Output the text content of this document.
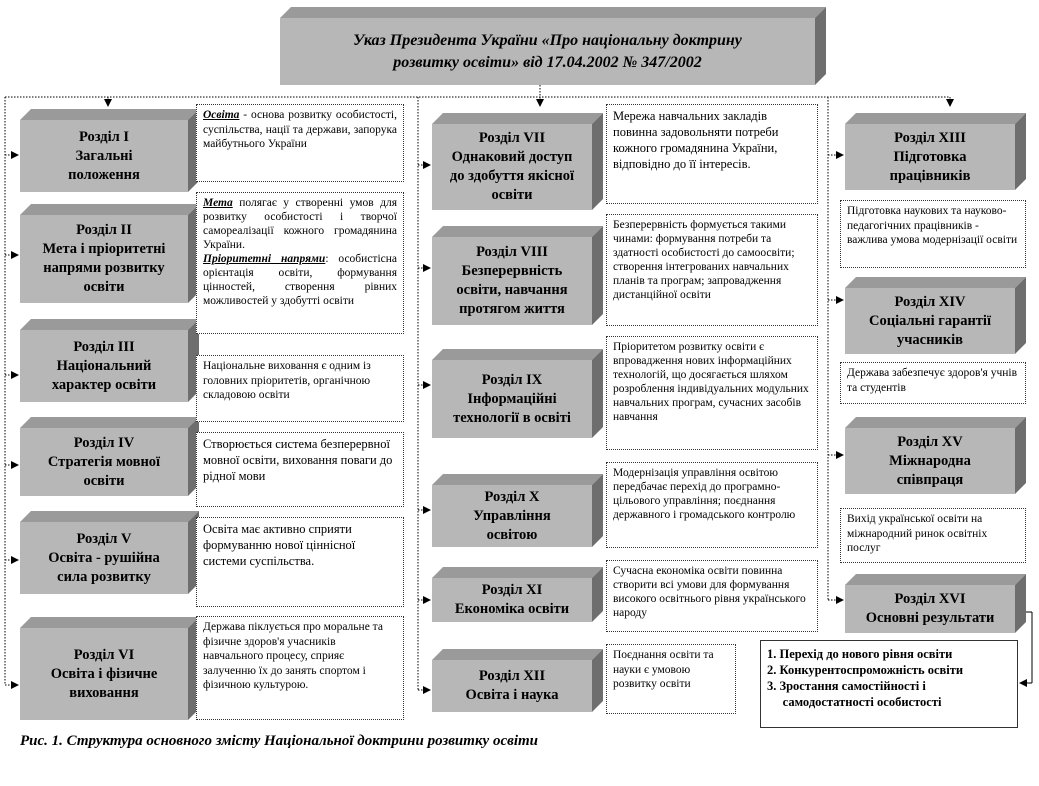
Указ Президента України «Про національну доктрину
розвитку освіти» від 17.04.2002 № 347/2002
Розділ І
Загальні
положення
Розділ ІІ
Мета і пріоритетні
напрями розвитку
освіти
Розділ ІІІ
Національний
характер освіти
Розділ ІV
Стратегія мовної
освіти
Розділ V
Освіта - рушійна
сила розвитку
Розділ VІ
Освіта і фізичне
виховання
Освіта - основа розвитку особистості, суспільства, нації та держави, запорука майбутнього України
Мета полягає у створенні умов для розвитку особистості і творчої самореалізації кожного громадянина України.
Пріоритетні напрями: особистісна орієнтація освіти, формування цінностей, створення рівних можливостей у здобутті освіти
Національне виховання є одним із головних пріоритетів, органічною складовою освіти
Створюється система безперервної мовної освіти, виховання поваги до рідної мови
Освіта має активно сприяти формуванню нової ціннісної системи суспільства.
Держава піклується про моральне та фізичне здоров'я учасників навчального процесу, сприяє залученню їх до занять спортом і фізичною культурою.
Розділ VІІ
Однаковий доступ
до здобуття якісної
освіти
Розділ VІІІ
Безперервність
освіти, навчання
протягом життя
Розділ ІХ
Інформаційні
технології в освіті
Розділ Х
Управління
освітою
Розділ ХІ
Економіка освіти
Розділ ХІІ
Освіта і наука
Мережа навчальних закладів повинна задовольняти потреби кожного громадянина України, відповідно до її інтересів.
Безперервність формується такими чинами: формування потреби та здатності особистості до самоосвіти; створення інтегрованих навчальних планів та програм; запровадження дистанційної освіти
Пріоритетом розвитку освіти є впровадження нових інформаційних технологій, що досягається шляхом розроблення індивідуальних модульних навчальних програм, сучасних засобів навчання
Модернізація управління освітою передбачає перехід до програмно-цільового управління; поєднання державного і громадського контролю
Сучасна економіка освіти повинна створити всі умови для формування високого освітнього рівня українського народу
Поєднання освіти та науки є умовою розвитку освіти
Розділ ХІІІ
Підготовка
працівників
Розділ ХІV
Соціальні гарантії
учасників
Розділ ХV
Міжнародна
співпраця
Розділ ХVІ
Основні результати
Підготовка наукових та науково-педагогічних працівників - важлива умова модернізації освіти
Держава забезпечує здоров'я учнів та студентів
Вихід української освіти на міжнародний ринок освітніх послуг
1. Перехід до нового рівня освіти
2. Конкурентоспроможність освіти
3. Зростання самостійності і
самодостатності особистості
Рис. 1. Структура основного змісту Національної доктрини розвитку освіти
